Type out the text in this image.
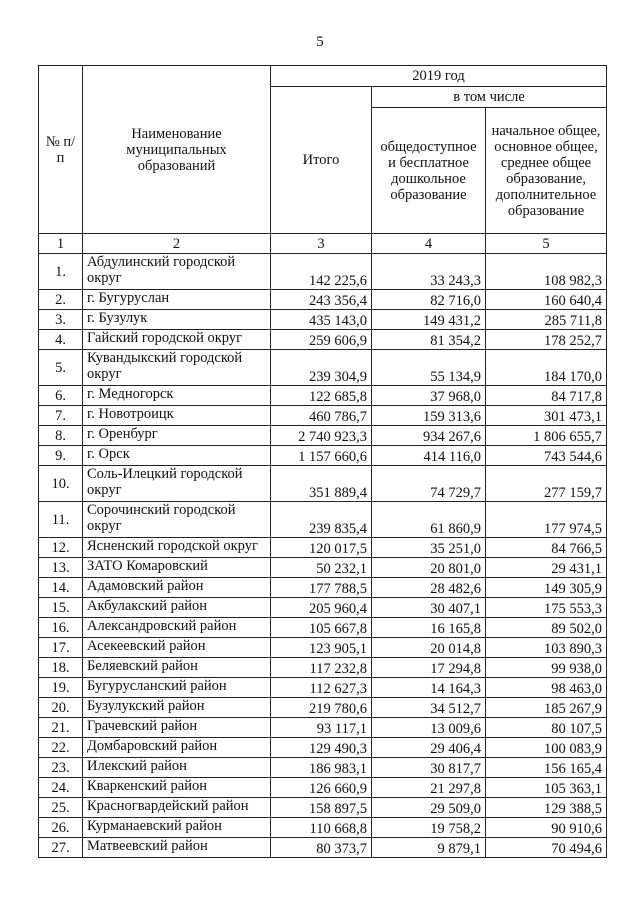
5
№ п/п	Наименование муниципальных образований	2019 год		
		Итого	в том числе	
			общедоступное и бесплатное дошкольное образование	начальное общее, основное общее, среднее общее образование, дополнительное образование
1	2	3	4	5
1.	Абдулинский городской округ	142 225,6	33 243,3	108 982,3
2.	г. Бугуруслан	243 356,4	82 716,0	160 640,4
3.	г. Бузулук	435 143,0	149 431,2	285 711,8
4.	Гайский городской округ	259 606,9	81 354,2	178 252,7
5.	Кувандыкский городской округ	239 304,9	55 134,9	184 170,0
6.	г. Медногорск	122 685,8	37 968,0	84 717,8
7.	г. Новотроицк	460 786,7	159 313,6	301 473,1
8.	г. Оренбург	2 740 923,3	934 267,6	1 806 655,7
9.	г. Орск	1 157 660,6	414 116,0	743 544,6
10.	Соль-Илецкий городской округ	351 889,4	74 729,7	277 159,7
11.	Сорочинский городской округ	239 835,4	61 860,9	177 974,5
12.	Ясненский городской округ	120 017,5	35 251,0	84 766,5
13.	ЗАТО Комаровский	50 232,1	20 801,0	29 431,1
14.	Адамовский район	177 788,5	28 482,6	149 305,9
15.	Акбулакский район	205 960,4	30 407,1	175 553,3
16.	Александровский район	105 667,8	16 165,8	89 502,0
17.	Асекеевский район	123 905,1	20 014,8	103 890,3
18.	Беляевский район	117 232,8	17 294,8	99 938,0
19.	Бугурусланский район	112 627,3	14 164,3	98 463,0
20.	Бузулукский район	219 780,6	34 512,7	185 267,9
21.	Грачевский район	93 117,1	13 009,6	80 107,5
22.	Домбаровский район	129 490,3	29 406,4	100 083,9
23.	Илекский район	186 983,1	30 817,7	156 165,4
24.	Кваркенский район	126 660,9	21 297,8	105 363,1
25.	Красногвардейский район	158 897,5	29 509,0	129 388,5
26.	Курманаевский район	110 668,8	19 758,2	90 910,6
27.	Матвеевский район	80 373,7	9 879,1	70 494,6
